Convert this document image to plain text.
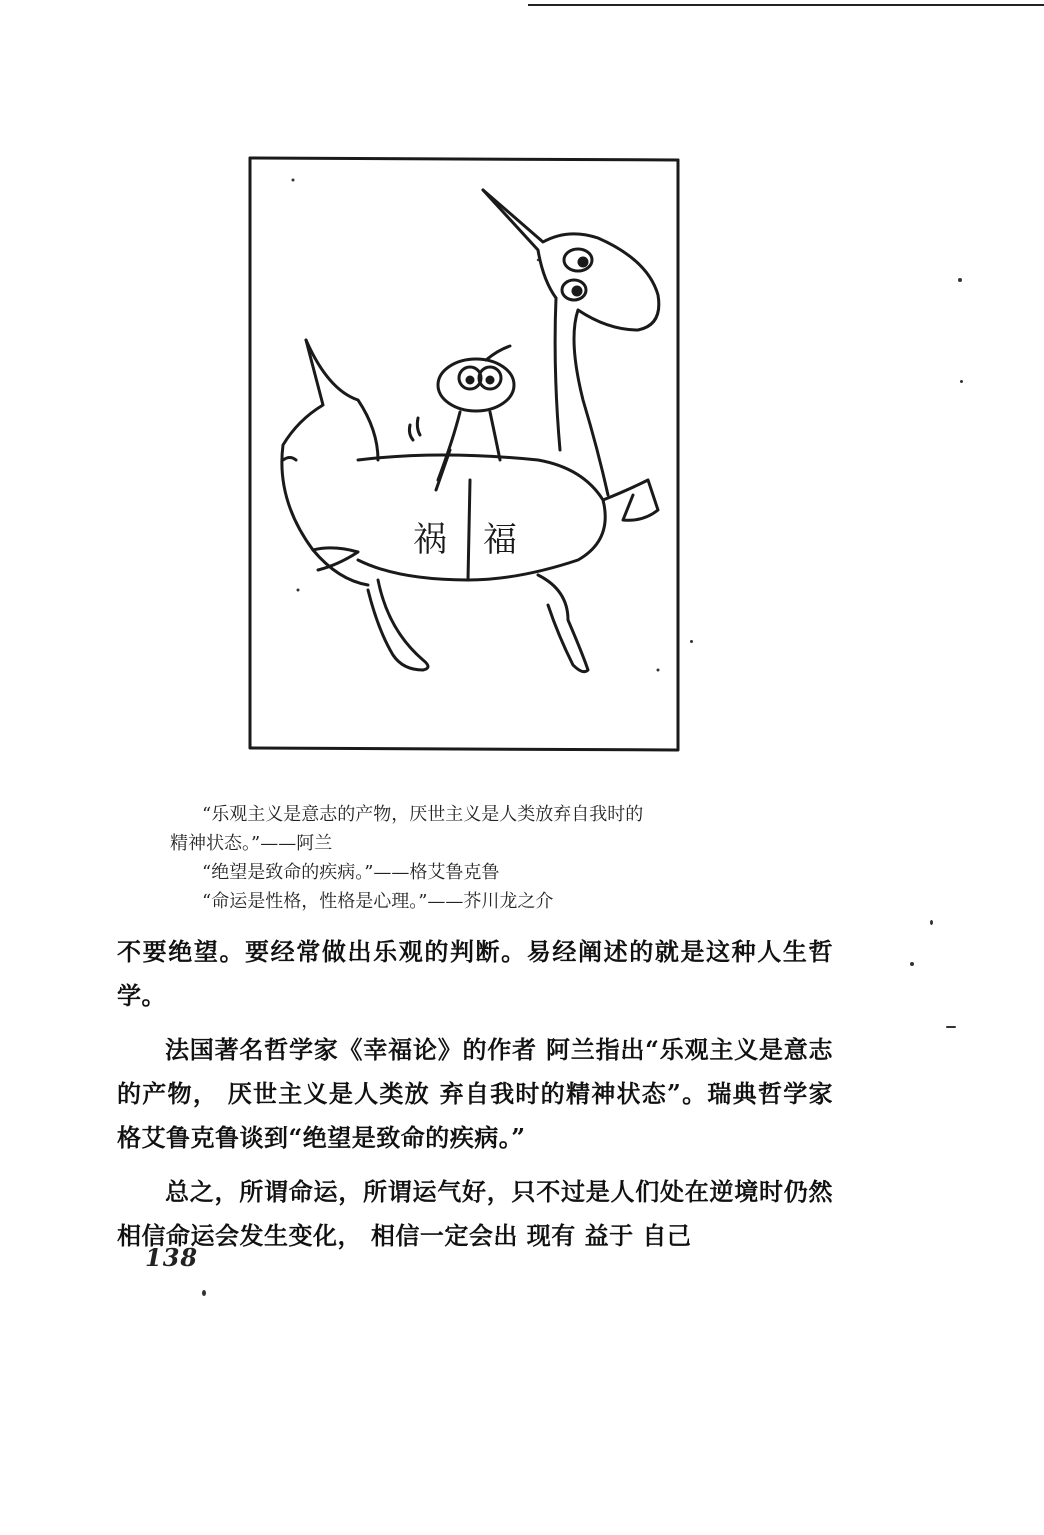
祸 福
“乐观主义是意志的产物，厌世主义是人类放弃自我时的
精神状态。”——阿兰
“绝望是致命的疾病。”——格艾鲁克鲁
“命运是性格，性格是心理。”——芥川龙之介

不要绝望。要经常做出乐观的判断。易经阐述的就是这种人生哲学。

法国著名哲学家《幸福论》的作者 阿兰指出“乐观主义是意志的产物， 厌世主义是人类放 弃自我时的精神状态”。瑞典哲学家格艾鲁克鲁谈到“绝望是致命的疾病。”

总之，所谓命运，所谓运气好，只不过是人们处在逆境时仍然相信命运会发生变化， 相信一定会出 现有 益于 自己

138
